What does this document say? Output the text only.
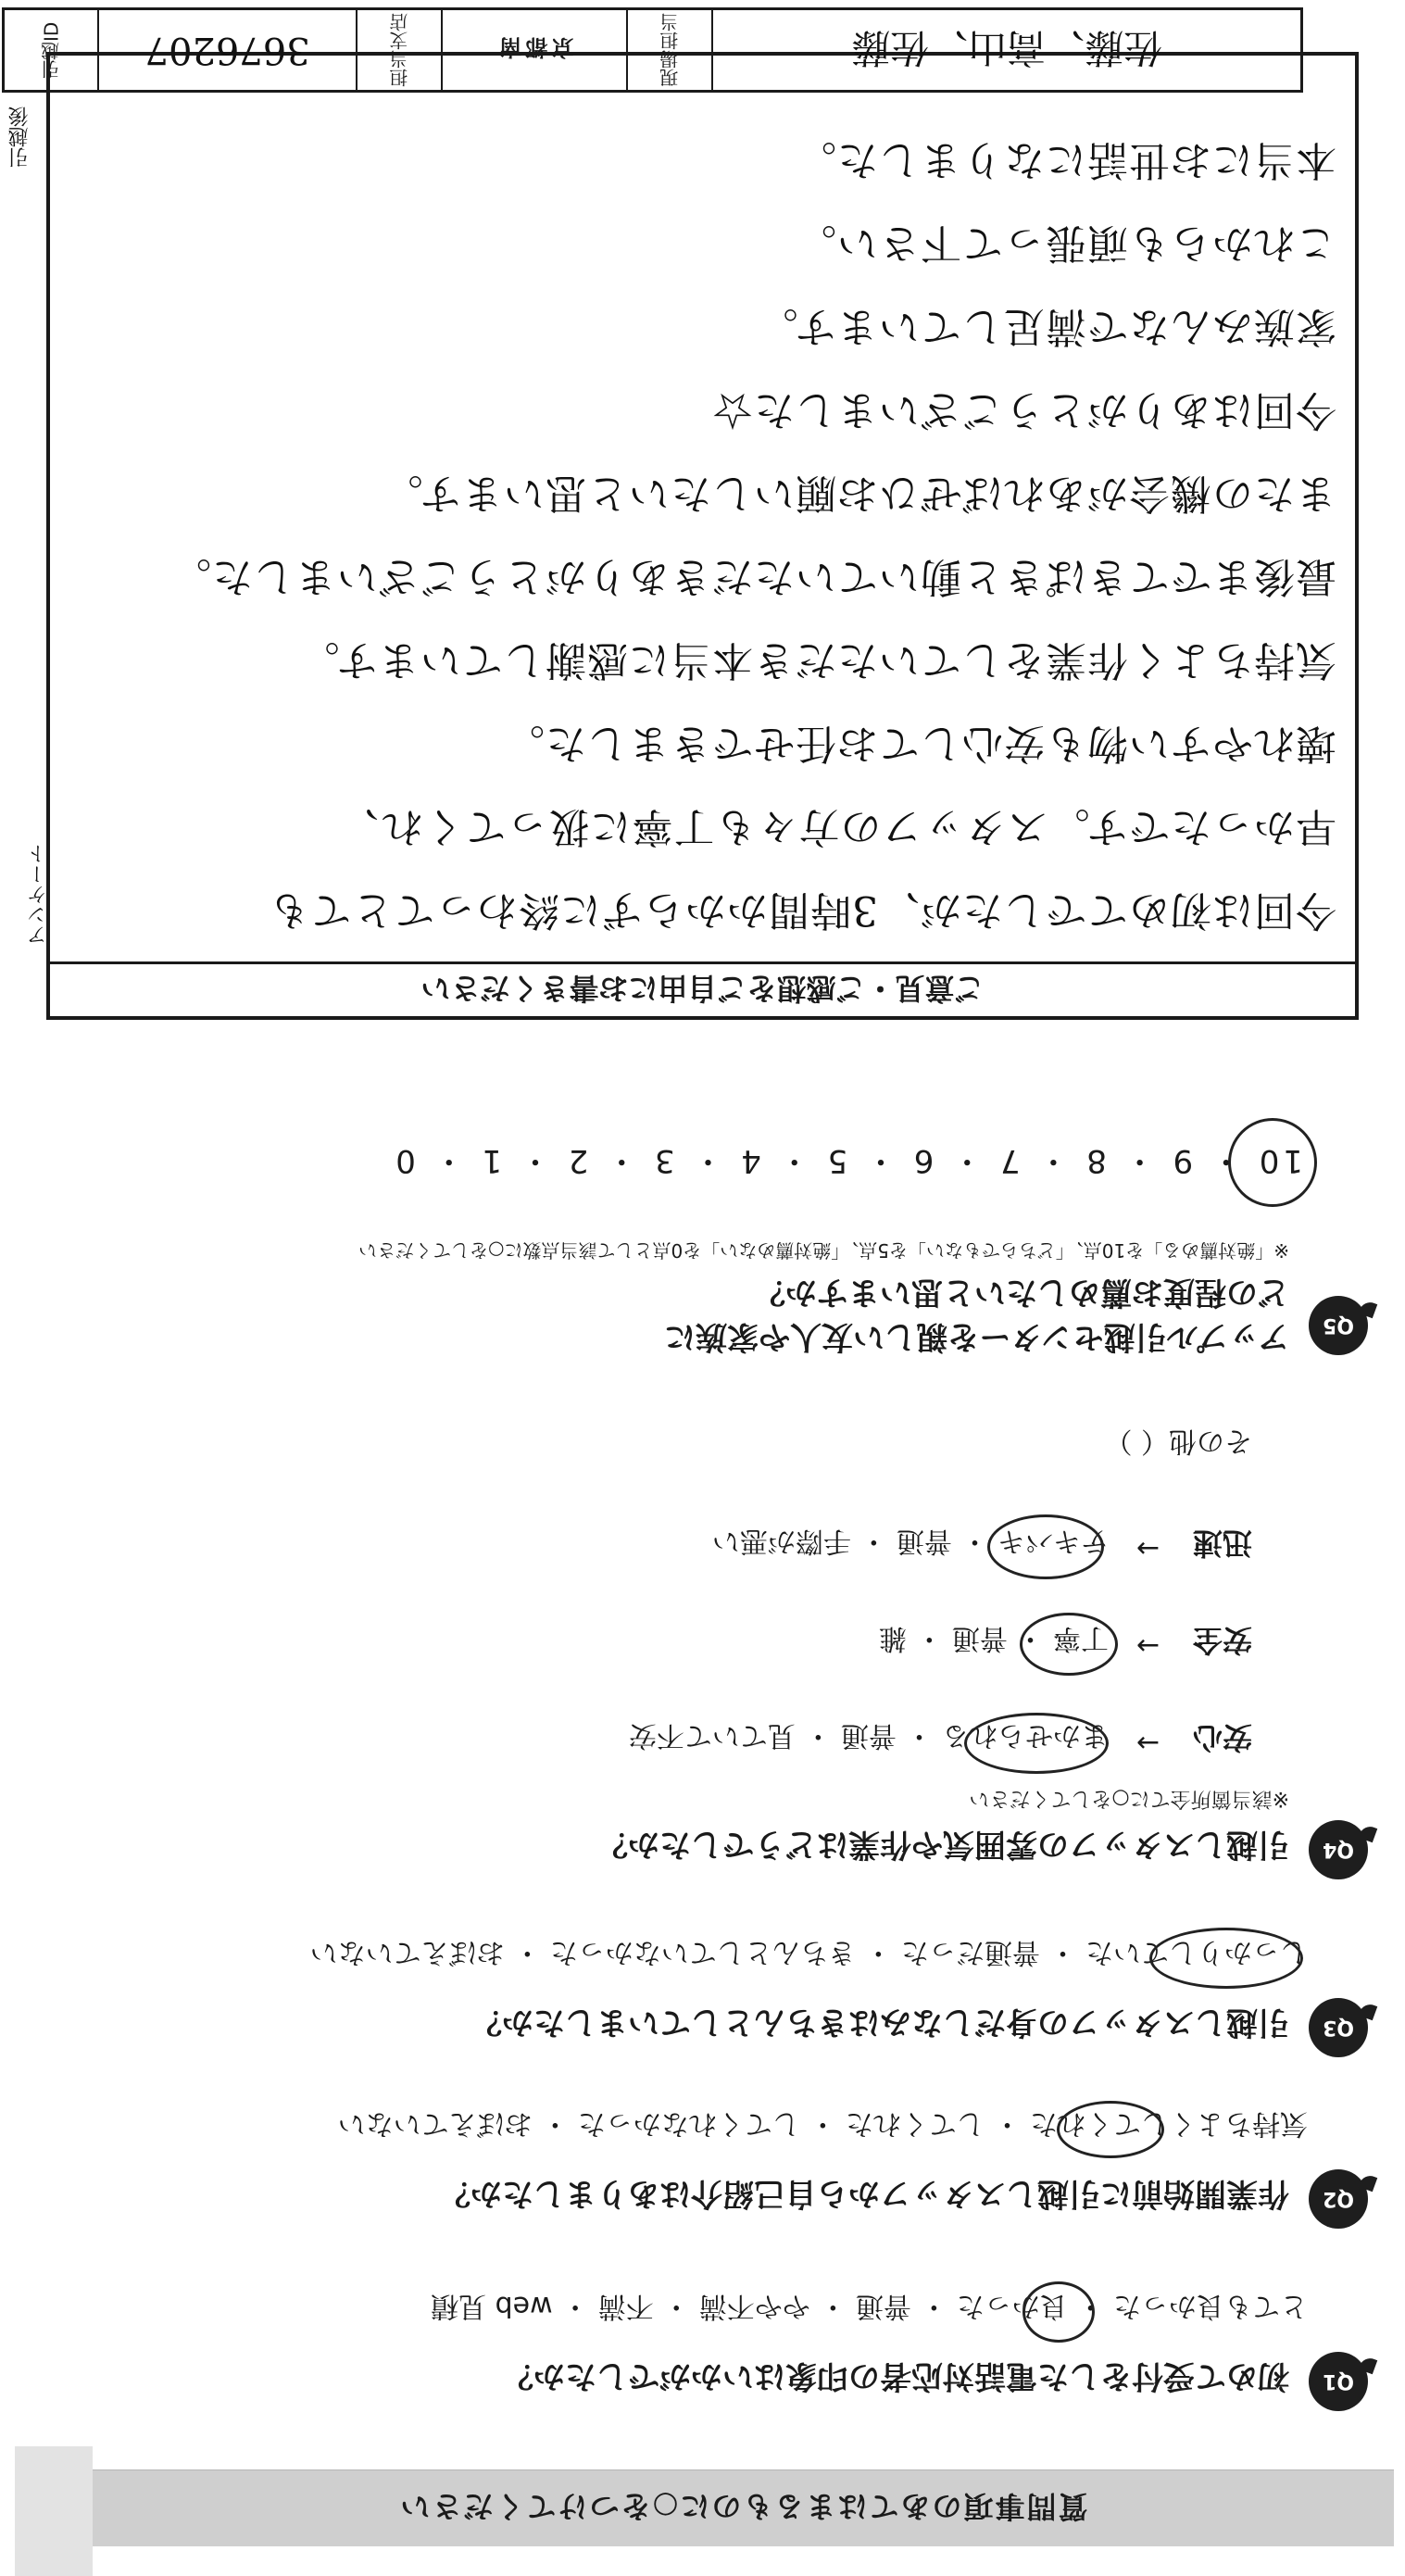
質問事項のあてはまるものに○をつけてください
Q1
初めて受付をした電話対応者の印象はいかがでしたか？
とても良かった ・ 良かった ・ 普通 ・ やや不満 ・ 不満 ・ web 見積
Q2
作業開始前に引越しスタッフから自己紹介はありましたか？
気持ちよくしてくれた ・ してくれた ・ してくれなかった ・ おぼえていない
Q3
引越しスタッフの身だしなみはきちんとしていましたか？
しっかりしていた ・ 普通だった ・ きちんとしていなかった ・ おぼえていない
Q4
引越しスタッフの雰囲気や作業はどうでしたか？
※該当箇所全てに○をしてください
安心
→
まかせられる ・ 普通 ・ 見ていて不安
安全
→
丁寧 ・ 普通 ・ 雑
迅速
→
テキパキ ・ 普通 ・ 手際が悪い
その他（ ）
Q5
アップル引越センターを親しい友人や家族に
どの程度お薦めしたいと思いますか？
※「絶対薦める」を10点、「どちらでもない」を5点、「絶対薦めない」を0点として該当点数に○をしてください
10 ・ 9 ・ 8 ・ 7 ・ 6 ・ 5 ・ 4 ・ 3 ・ 2 ・ 1 ・ 0
ご意見・ご感想をご自由にお書きください
今回は初めてでしたが、3時間かからずに終わってとても
早かったです。スタッフの方々も丁寧に扱ってくれ、
壊れやすい物も安心してお任せできました。
気持ちよく作業をしていただき本当に感謝しています。
最後までてきぱきと動いていただきありがとうございました。
またの機会があればぜひお願いしたいと思います。
今回はありがとうございました☆
家族みんなで満足しています。
これからも頑張って下さい。
本当にお世話になりました。
佐藤、高山、佐藤
現場担当
京都南
担当支店
3676207
引越ID
アンケート
引越後
